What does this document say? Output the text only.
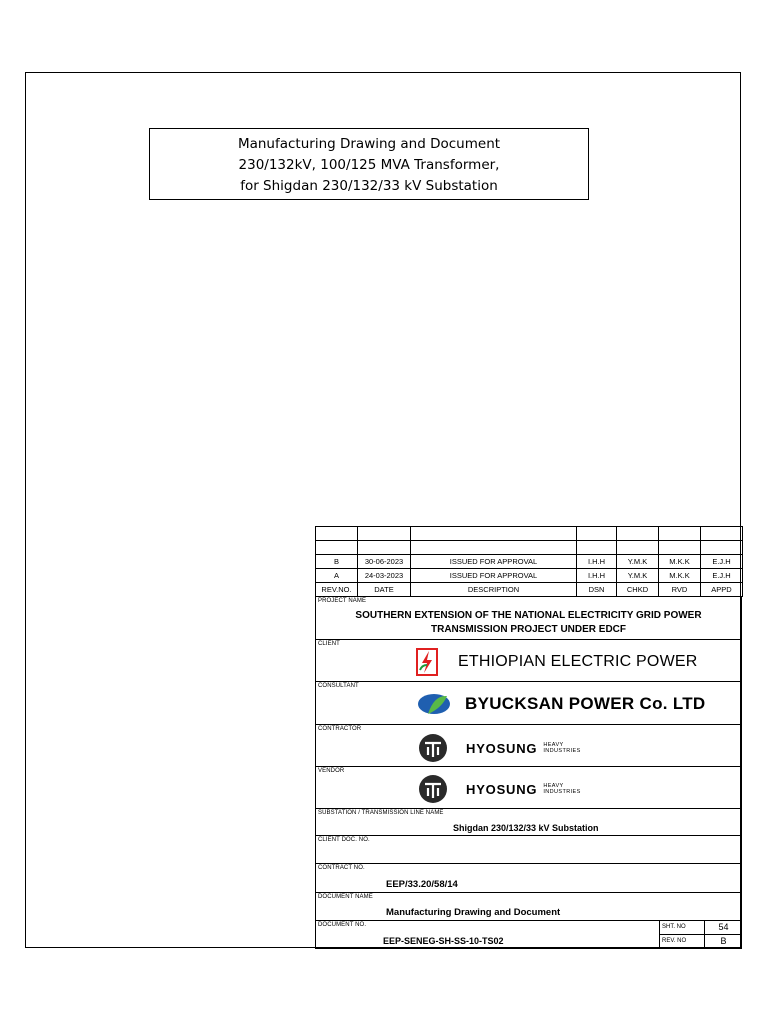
Manufacturing Drawing and Document
230/132kV, 100/125 MVA Transformer,
for Shigdan 230/132/33 kV Substation

B	30-06-2023	ISSUED FOR APPROVAL	I.H.H	Y.M.K	M.K.K	E.J.H
A	24-03-2023	ISSUED FOR APPROVAL	I.H.H	Y.M.K	M.K.K	E.J.H
REV.NO.	DATE	DESCRIPTION	DSN	CHKD	RVD	APPD
PROJECT NAME
SOUTHERN EXTENSION OF THE NATIONAL ELECTRICITY GRID POWER
TRANSMISSION PROJECT UNDER EDCF
CLIENT
ETHIOPIAN ELECTRIC POWER
CONSULTANT
BYUCKSAN POWER Co. LTD
CONTRACTOR
HYOSUNG HEAVY
INDUSTRIES
VENDOR
HYOSUNG HEAVY
INDUSTRIES
SUBSTATION / TRANSMISSION LINE NAME
Shigdan 230/132/33 kV Substation
CLIENT DOC. NO.
CONTRACT NO.
EEP/33.20/58/14
DOCUMENT NAME
Manufacturing Drawing and Document
DOCUMENT NO.
EEP-SENEG-SH-SS-10-TS02
SHT. NO	54
REV. NO	B
